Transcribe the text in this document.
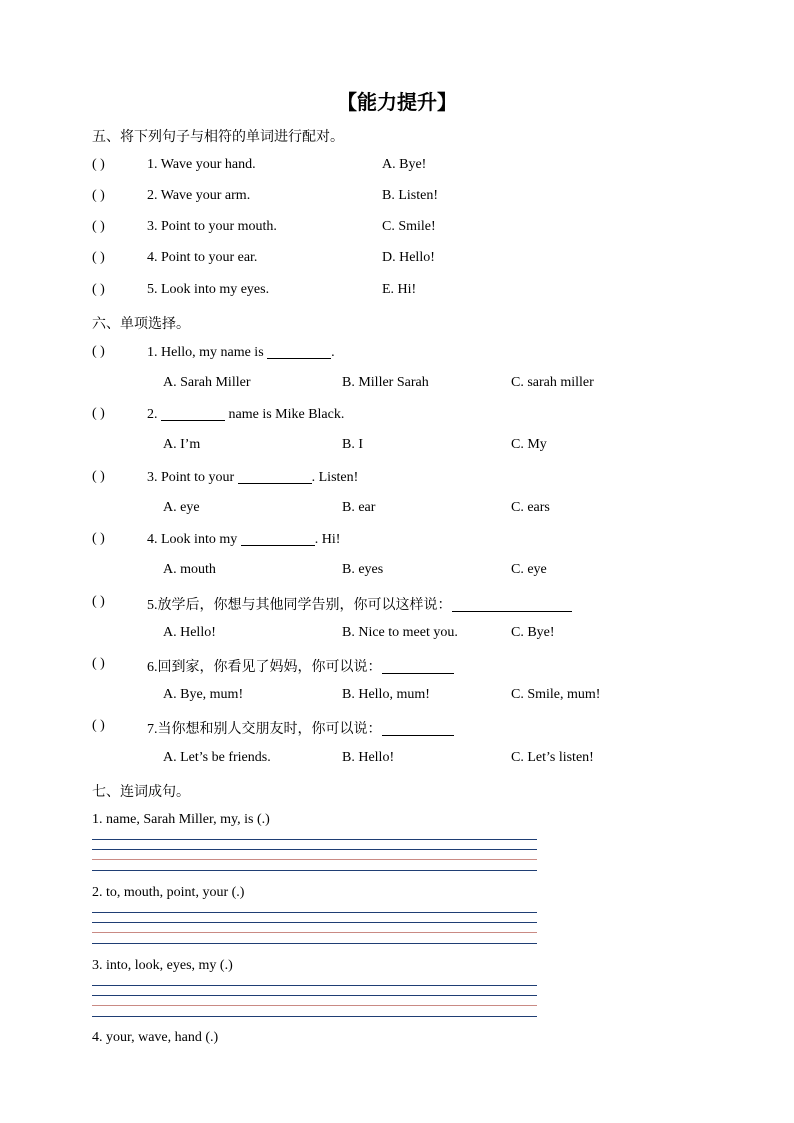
【能力提升】
五、将下列句子与相符的单词进行配对。
( )	1. Wave your hand.	A. Bye!
( )	2. Wave your arm.	B. Listen!
( )	3. Point to your mouth.	C. Smile!
( )	4. Point to your ear.	D. Hello!
( )	5. Look into my eyes.	E. Hi!
六、单项选择。
( )	1. Hello, my name is	.
A. Sarah Miller	B. Miller Sarah	C. sarah miller
( )	2.	name is Mike Black.
A. I’m	B. I	C. My
( )	3. Point to your	. Listen!
A. eye	B. ear	C. ears
( )	4. Look into my	. Hi!
A. mouth	B. eyes	C. eye
( )	5.放学后，你想与其他同学告别，你可以这样说：
A. Hello!	B. Nice to meet you.	C. Bye!
( )	6.回到家，你看见了妈妈，你可以说：
A. Bye, mum!	B. Hello, mum!	C. Smile, mum!
( )	7.当你想和别人交朋友时，你可以说：
A. Let’s be friends.	B. Hello!	C. Let’s listen!
七、连词成句。
1. name, Sarah Miller, my, is (.)
2. to, mouth, point, your (.)
3. into, look, eyes, my (.)
4. your, wave, hand (.)
